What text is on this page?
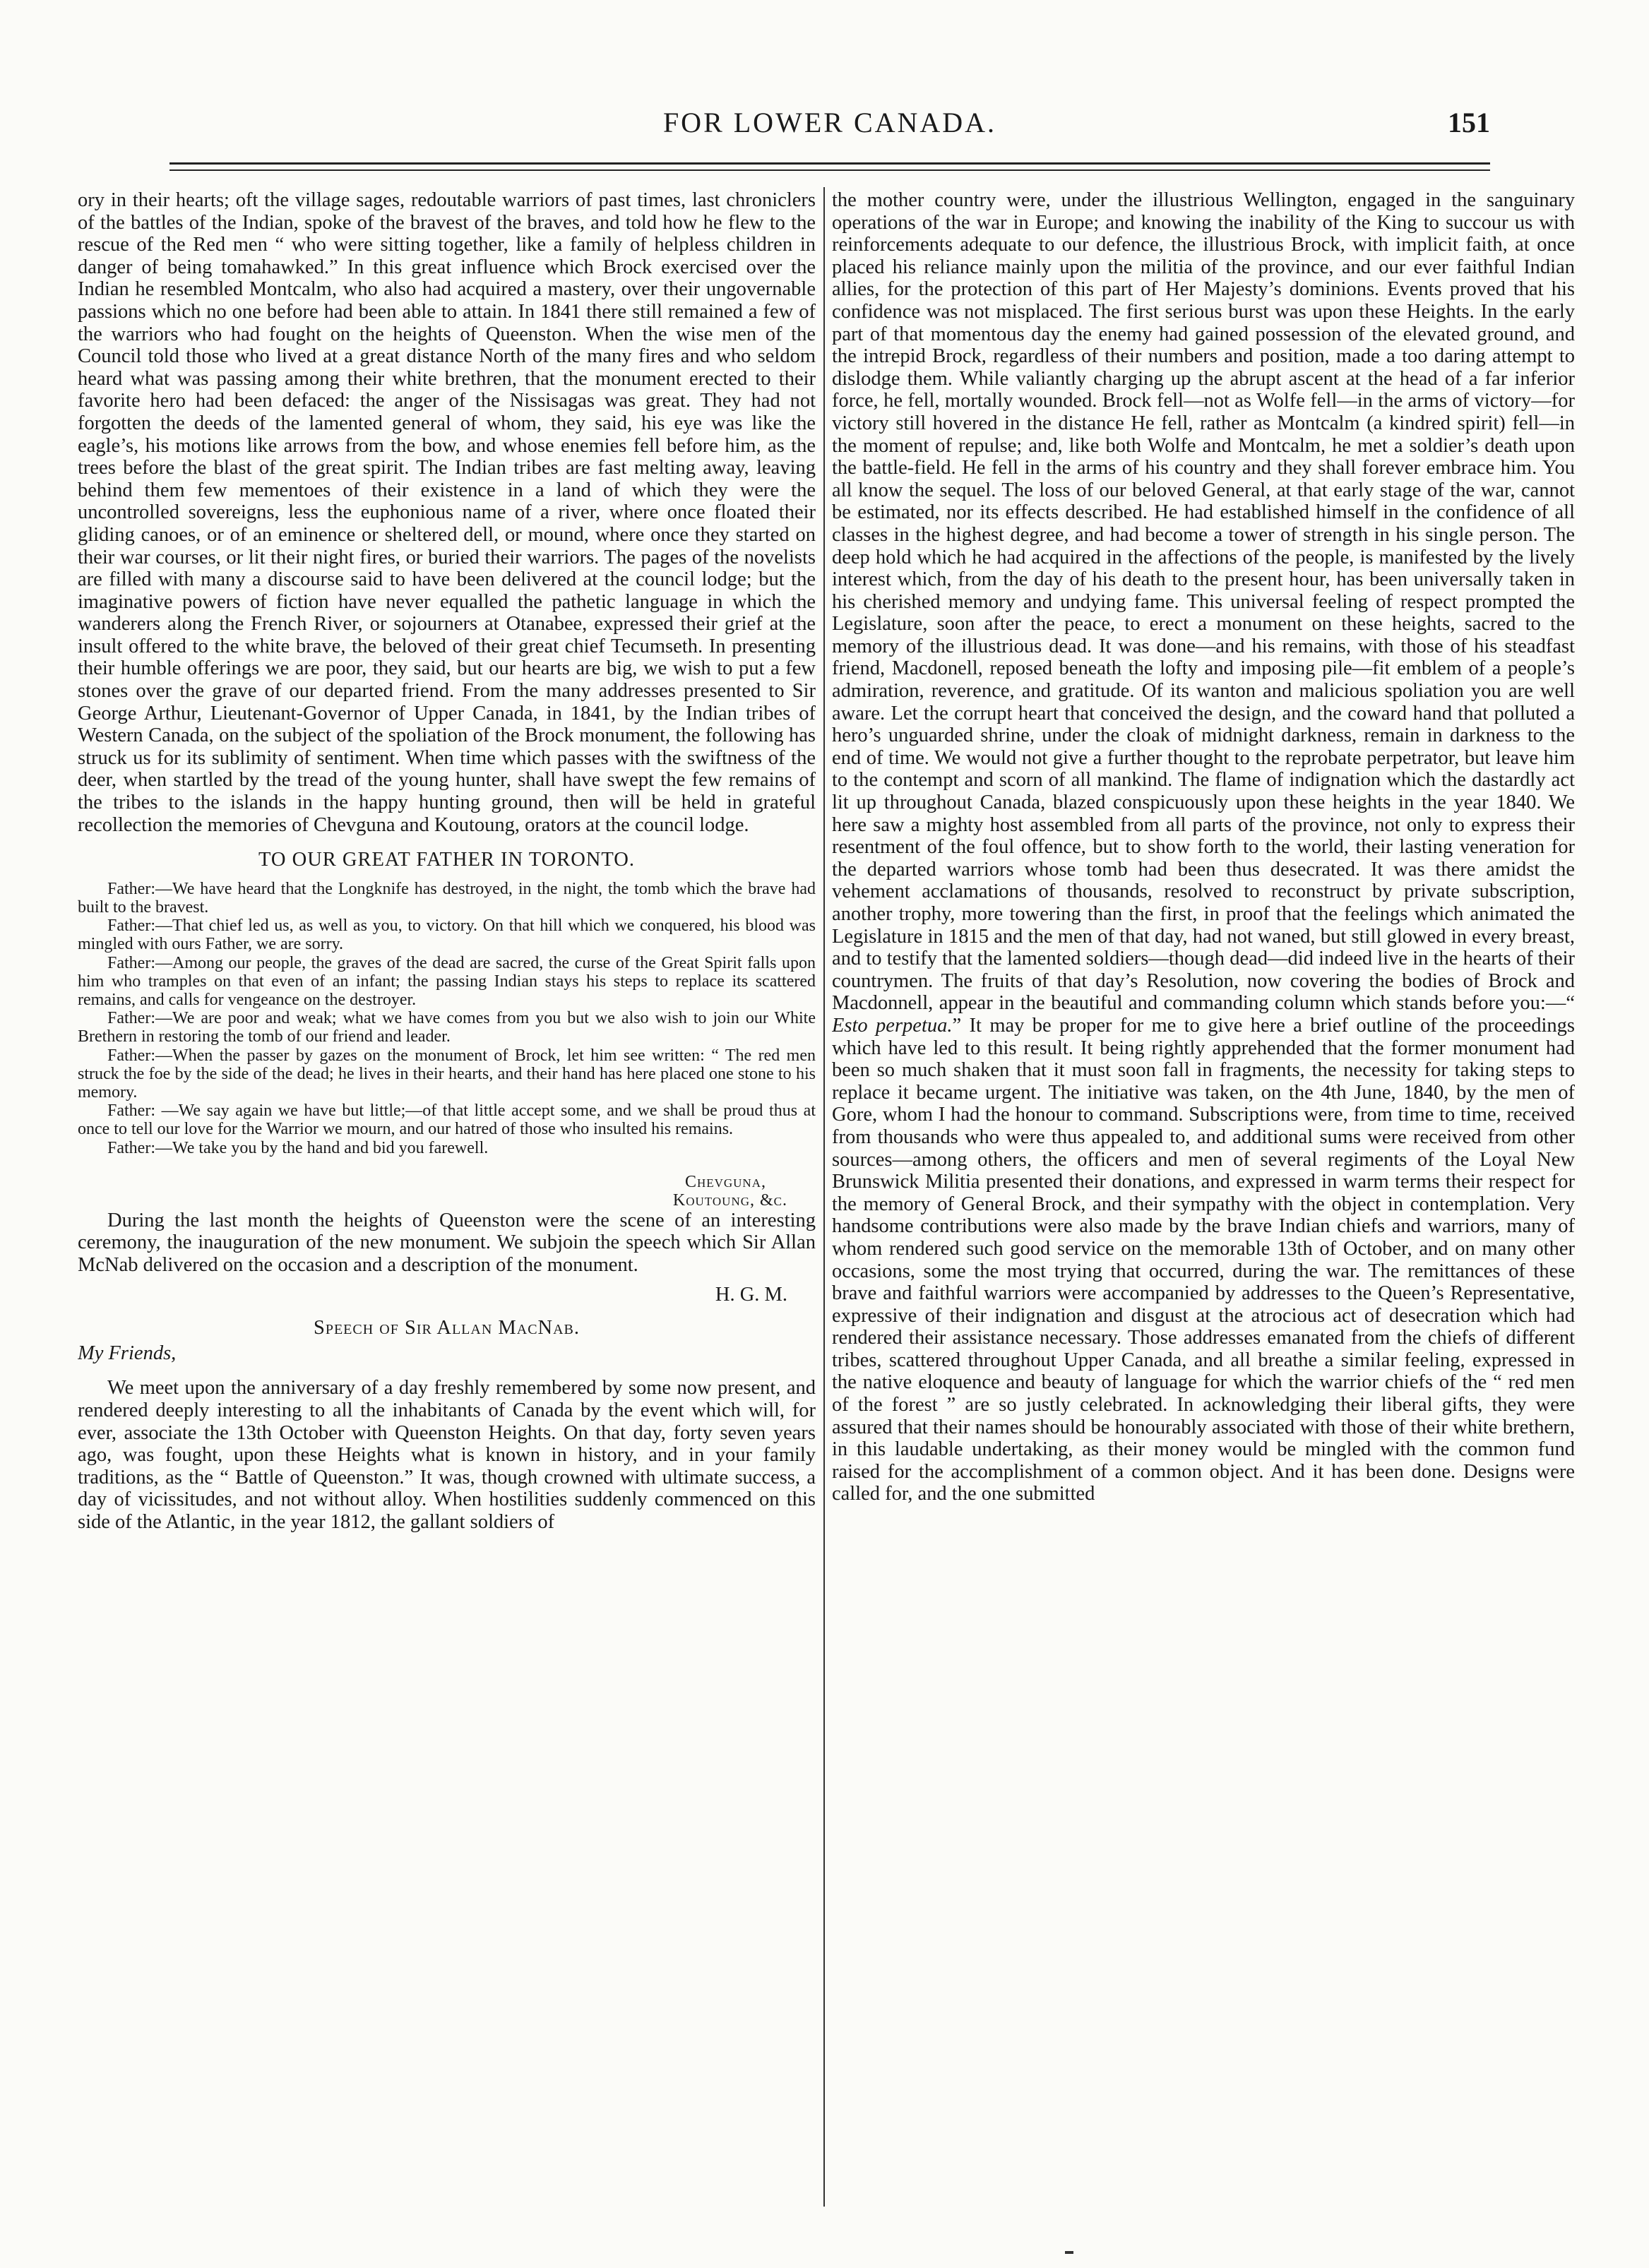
FOR LOWER CANADA.	151

ory in their hearts; oft the village sages, redoutable warriors of past times, last chroniclers of the battles of the Indian, spoke of the bravest of the braves, and told how he flew to the rescue of the Red men “ who were sitting together, like a family of helpless children in danger of being tomahawked.” In this great influence which Brock exercised over the Indian he resembled Montcalm, who also had acquired a mastery, over their ungovernable passions which no one before had been able to attain. In 1841 there still remained a few of the warriors who had fought on the heights of Queenston. When the wise men of the Council told those who lived at a great distance North of the many fires and who seldom heard what was passing among their white brethren, that the monument erected to their favorite hero had been defaced: the anger of the Nissisagas was great. They had not forgotten the deeds of the lamented general of whom, they said, his eye was like the eagle’s, his motions like arrows from the bow, and whose enemies fell before him, as the trees before the blast of the great spirit. The Indian tribes are fast melting away, leaving behind them few mementoes of their existence in a land of which they were the uncontrolled sovereigns, less the euphonious name of a river, where once floated their gliding canoes, or of an eminence or sheltered dell, or mound, where once they started on their war courses, or lit their night fires, or buried their warriors. The pages of the novelists are filled with many a discourse said to have been delivered at the council lodge; but the imaginative powers of fiction have never equalled the pathetic language in which the wanderers along the French River, or sojourners at Otanabee, expressed their grief at the insult offered to the white brave, the beloved of their great chief Tecumseth. In presenting their humble offerings we are poor, they said, but our hearts are big, we wish to put a few stones over the grave of our departed friend. From the many addresses presented to Sir George Arthur, Lieutenant-Governor of Upper Canada, in 1841, by the Indian tribes of Western Canada, on the subject of the spoliation of the Brock monument, the following has struck us for its sublimity of sentiment. When time which passes with the swiftness of the deer, when startled by the tread of the young hunter, shall have swept the few remains of the tribes to the islands in the happy hunting ground, then will be held in grateful recollection the memories of Chevguna and Koutoung, orators at the council lodge.

TO OUR GREAT FATHER IN TORONTO.

Father:—We have heard that the Longknife has destroyed, in the night, the tomb which the brave had built to the bravest.

Father:—That chief led us, as well as you, to victory. On that hill which we conquered, his blood was mingled with ours Father, we are sorry.

Father:—Among our people, the graves of the dead are sacred, the curse of the Great Spirit falls upon him who tramples on that even of an infant; the passing Indian stays his steps to replace its scattered remains, and calls for vengeance on the destroyer.

Father:—We are poor and weak; what we have comes from you but we also wish to join our White Brethern in restoring the tomb of our friend and leader.

Father:—When the passer by gazes on the monument of Brock, let him see written: “ The red men struck the foe by the side of the dead; he lives in their hearts, and their hand has here placed one stone to his memory.

Father: —We say again we have but little;—of that little accept some, and we shall be proud thus at once to tell our love for the Warrior we mourn, and our hatred of those who insulted his remains.

Father:—We take you by the hand and bid you farewell.

Chevguna,

Koutoung, &c.

During the last month the heights of Queenston were the scene of an interesting ceremony, the inauguration of the new monument. We subjoin the speech which Sir Allan McNab delivered on the occasion and a description of the monument.

H. G. M.

Speech of Sir Allan MacNab.

My Friends,

We meet upon the anniversary of a day freshly remembered by some now present, and rendered deeply interesting to all the inhabitants of Canada by the event which will, for ever, associate the 13th October with Queenston Heights. On that day, forty seven years ago, was fought, upon these Heights what is known in history, and in your family traditions, as the “ Battle of Queenston.” It was, though crowned with ultimate success, a day of vicissitudes, and not without alloy. When hostilities suddenly commenced on this side of the Atlantic, in the year 1812, the gallant soldiers of

the mother country were, under the illustrious Wellington, engaged in the sanguinary operations of the war in Europe; and knowing the inability of the King to succour us with reinforcements adequate to our defence, the illustrious Brock, with implicit faith, at once placed his reliance mainly upon the militia of the province, and our ever faithful Indian allies, for the protection of this part of Her Majesty’s dominions. Events proved that his confidence was not misplaced. The first serious burst was upon these Heights. In the early part of that momentous day the enemy had gained possession of the elevated ground, and the intrepid Brock, regardless of their numbers and position, made a too daring attempt to dislodge them. While valiantly charging up the abrupt ascent at the head of a far inferior force, he fell, mortally wounded. Brock fell—not as Wolfe fell—in the arms of victory—for victory still hovered in the distance He fell, rather as Montcalm (a kindred spirit) fell—in the moment of repulse; and, like both Wolfe and Montcalm, he met a soldier’s death upon the battle-field. He fell in the arms of his country and they shall forever embrace him. You all know the sequel. The loss of our beloved General, at that early stage of the war, cannot be estimated, nor its effects described. He had established himself in the confidence of all classes in the highest degree, and had become a tower of strength in his single person. The deep hold which he had acquired in the affections of the people, is manifested by the lively interest which, from the day of his death to the present hour, has been universally taken in his cherished memory and undying fame. This universal feeling of respect prompted the Legislature, soon after the peace, to erect a monument on these heights, sacred to the memory of the illustrious dead. It was done—and his remains, with those of his steadfast friend, Macdonell, reposed beneath the lofty and imposing pile—fit emblem of a people’s admiration, reverence, and gratitude. Of its wanton and malicious spoliation you are well aware. Let the corrupt heart that conceived the design, and the coward hand that polluted a hero’s unguarded shrine, under the cloak of midnight darkness, remain in darkness to the end of time. We would not give a further thought to the reprobate perpetrator, but leave him to the contempt and scorn of all mankind. The flame of indignation which the dastardly act lit up throughout Canada, blazed conspicuously upon these heights in the year 1840. We here saw a mighty host assembled from all parts of the province, not only to express their resentment of the foul offence, but to show forth to the world, their lasting veneration for the departed warriors whose tomb had been thus desecrated. It was there amidst the vehement acclamations of thousands, resolved to reconstruct by private subscription, another trophy, more towering than the first, in proof that the feelings which animated the Legislature in 1815 and the men of that day, had not waned, but still glowed in every breast, and to testify that the lamented soldiers—though dead—did indeed live in the hearts of their countrymen. The fruits of that day’s Resolution, now covering the bodies of Brock and Macdonnell, appear in the beautiful and commanding column which stands before you:—“ Esto perpetua.” It may be proper for me to give here a brief outline of the proceedings which have led to this result. It being rightly apprehended that the former monument had been so much shaken that it must soon fall in fragments, the necessity for taking steps to replace it became urgent. The initiative was taken, on the 4th June, 1840, by the men of Gore, whom I had the honour to command. Subscriptions were, from time to time, received from thousands who were thus appealed to, and additional sums were received from other sources—among others, the officers and men of several regiments of the Loyal New Brunswick Militia presented their donations, and expressed in warm terms their respect for the memory of General Brock, and their sympathy with the object in contemplation. Very handsome contributions were also made by the brave Indian chiefs and warriors, many of whom rendered such good service on the memorable 13th of October, and on many other occasions, some the most trying that occurred, during the war. The remittances of these brave and faithful warriors were accompanied by addresses to the Queen’s Representative, expressive of their indignation and disgust at the atrocious act of desecration which had rendered their assistance necessary. Those addresses emanated from the chiefs of different tribes, scattered throughout Upper Canada, and all breathe a similar feeling, expressed in the native eloquence and beauty of language for which the warrior chiefs of the “ red men of the forest ” are so justly celebrated. In acknowledging their liberal gifts, they were assured that their names should be honourably associated with those of their white brethern, in this laudable undertaking, as their money would be mingled with the common fund raised for the accomplishment of a common object. And it has been done. Designs were called for, and the one submitted
